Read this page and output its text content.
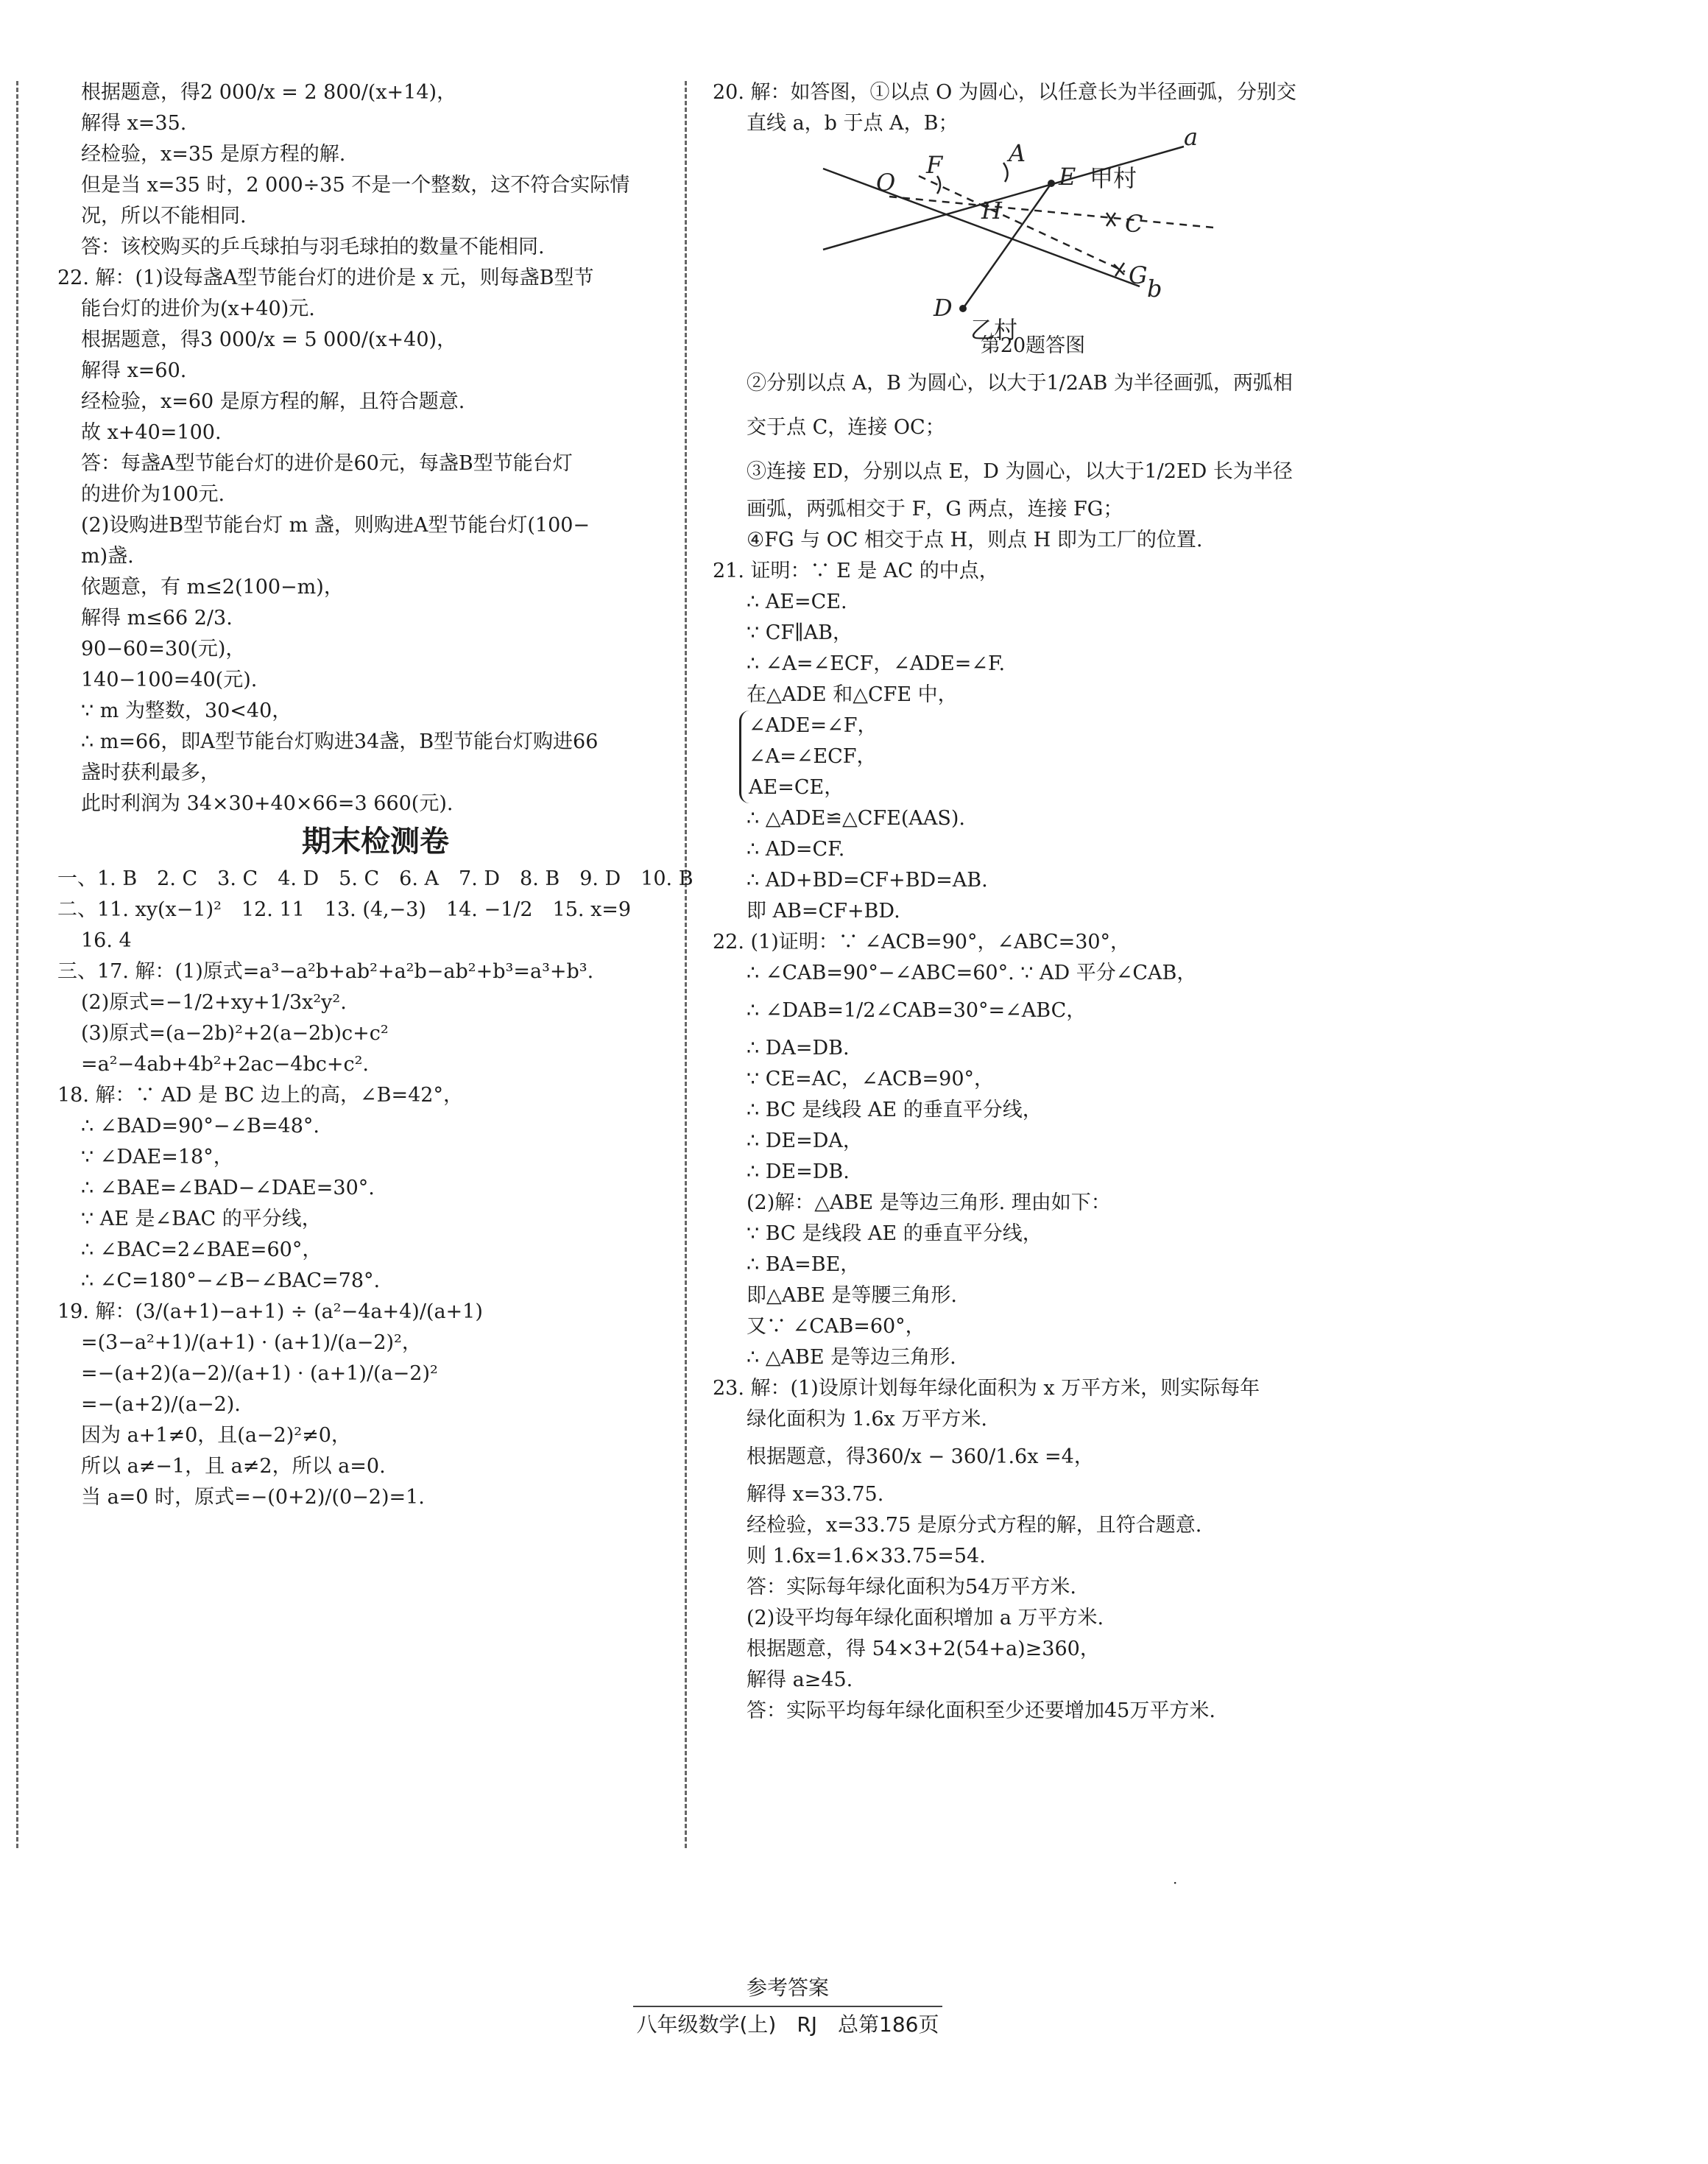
根据题意，得2 000/x = 2 800/(x+14)，
解得 x=35.
经检验，x=35 是原方程的解.
但是当 x=35 时，2 000÷35 不是一个整数，这不符合实际情
况，所以不能相同.
答：该校购买的乒乓球拍与羽毛球拍的数量不能相同.
22. 解：(1)设每盏A型节能台灯的进价是 x 元，则每盏B型节
能台灯的进价为(x+40)元.
根据题意，得3 000/x = 5 000/(x+40)，
解得 x=60.
经检验，x=60 是原方程的解，且符合题意.
故 x+40=100.
答：每盏A型节能台灯的进价是60元，每盏B型节能台灯
的进价为100元.
(2)设购进B型节能台灯 m 盏，则购进A型节能台灯(100−
m)盏.
依题意，有 m≤2(100−m)，
解得 m≤66 2/3.
90−60=30(元)，
140−100=40(元).
∵ m 为整数，30<40，
∴ m=66，即A型节能台灯购进34盏，B型节能台灯购进66
盏时获利最多，
此时利润为 34×30+40×66=3 660(元).
期末检测卷
一、1. B　2. C　3. C　4. D　5. C　6. A　7. D　8. B　9. D　10. B
二、11. xy(x−1)²　12. 11　13. (4,−3)　14. −1/2　15. x=9
16. 4
三、17. 解：(1)原式=a³−a²b+ab²+a²b−ab²+b³=a³+b³.
(2)原式=−1/2+xy+1/3x²y².
(3)原式=(a−2b)²+2(a−2b)c+c²
=a²−4ab+4b²+2ac−4bc+c².
18. 解：∵ AD 是 BC 边上的高，∠B=42°，
∴ ∠BAD=90°−∠B=48°.
∵ ∠DAE=18°，
∴ ∠BAE=∠BAD−∠DAE=30°.
∵ AE 是∠BAC 的平分线，
∴ ∠BAC=2∠BAE=60°，
∴ ∠C=180°−∠B−∠BAC=78°.
19. 解：(3/(a+1)−a+1) ÷ (a²−4a+4)/(a+1)
=(3−a²+1)/(a+1) · (a+1)/(a−2)²，
=−(a+2)(a−2)/(a+1) · (a+1)/(a−2)²
=−(a+2)/(a−2).
因为 a+1≠0，且(a−2)²≠0，
所以 a≠−1，且 a≠2，所以 a=0.
当 a=0 时，原式=−(0+2)/(0−2)=1.
20. 解：如答图，①以点 O 为圆心，以任意长为半径画弧，分别交
直线 a，b 于点 A，B；	a
b
O
F	A
E
H	C
D
G
甲村
乙村
第20题答图
②分别以点 A，B 为圆心，以大于1/2AB 为半径画弧，两弧相
交于点 C，连接 OC；
③连接 ED，分别以点 E，D 为圆心，以大于1/2ED 长为半径
画弧，两弧相交于 F，G 两点，连接 FG；
④FG 与 OC 相交于点 H，则点 H 即为工厂的位置.
21. 证明：∵ E 是 AC 的中点，
∴ AE=CE.
∵ CF∥AB，
∴ ∠A=∠ECF，∠ADE=∠F.
在△ADE 和△CFE 中，
∠ADE=∠F，
∠A=∠ECF，
AE=CE，
∴ △ADE≌△CFE(AAS).
∴ AD=CF.
∴ AD+BD=CF+BD=AB.
即 AB=CF+BD.
22. (1)证明：∵ ∠ACB=90°，∠ABC=30°，
∴ ∠CAB=90°−∠ABC=60°. ∵ AD 平分∠CAB，
∴ ∠DAB=1/2∠CAB=30°=∠ABC，
∴ DA=DB.
∵ CE=AC，∠ACB=90°，
∴ BC 是线段 AE 的垂直平分线，
∴ DE=DA，
∴ DE=DB.
(2)解：△ABE 是等边三角形. 理由如下：
∵ BC 是线段 AE 的垂直平分线，
∴ BA=BE，
即△ABE 是等腰三角形.
又∵ ∠CAB=60°，
∴ △ABE 是等边三角形.
23. 解：(1)设原计划每年绿化面积为 x 万平方米，则实际每年
绿化面积为 1.6x 万平方米.
根据题意，得360/x − 360/1.6x =4，
解得 x=33.75.
经检验，x=33.75 是原分式方程的解，且符合题意.
则 1.6x=1.6×33.75=54.
答：实际每年绿化面积为54万平方米.
(2)设平均每年绿化面积增加 a 万平方米.
根据题意，得 54×3+2(54+a)≥360，
解得 a≥45.
答：实际平均每年绿化面积至少还要增加45万平方米.
·
参考答案
八年级数学(上)　RJ　总第186页
